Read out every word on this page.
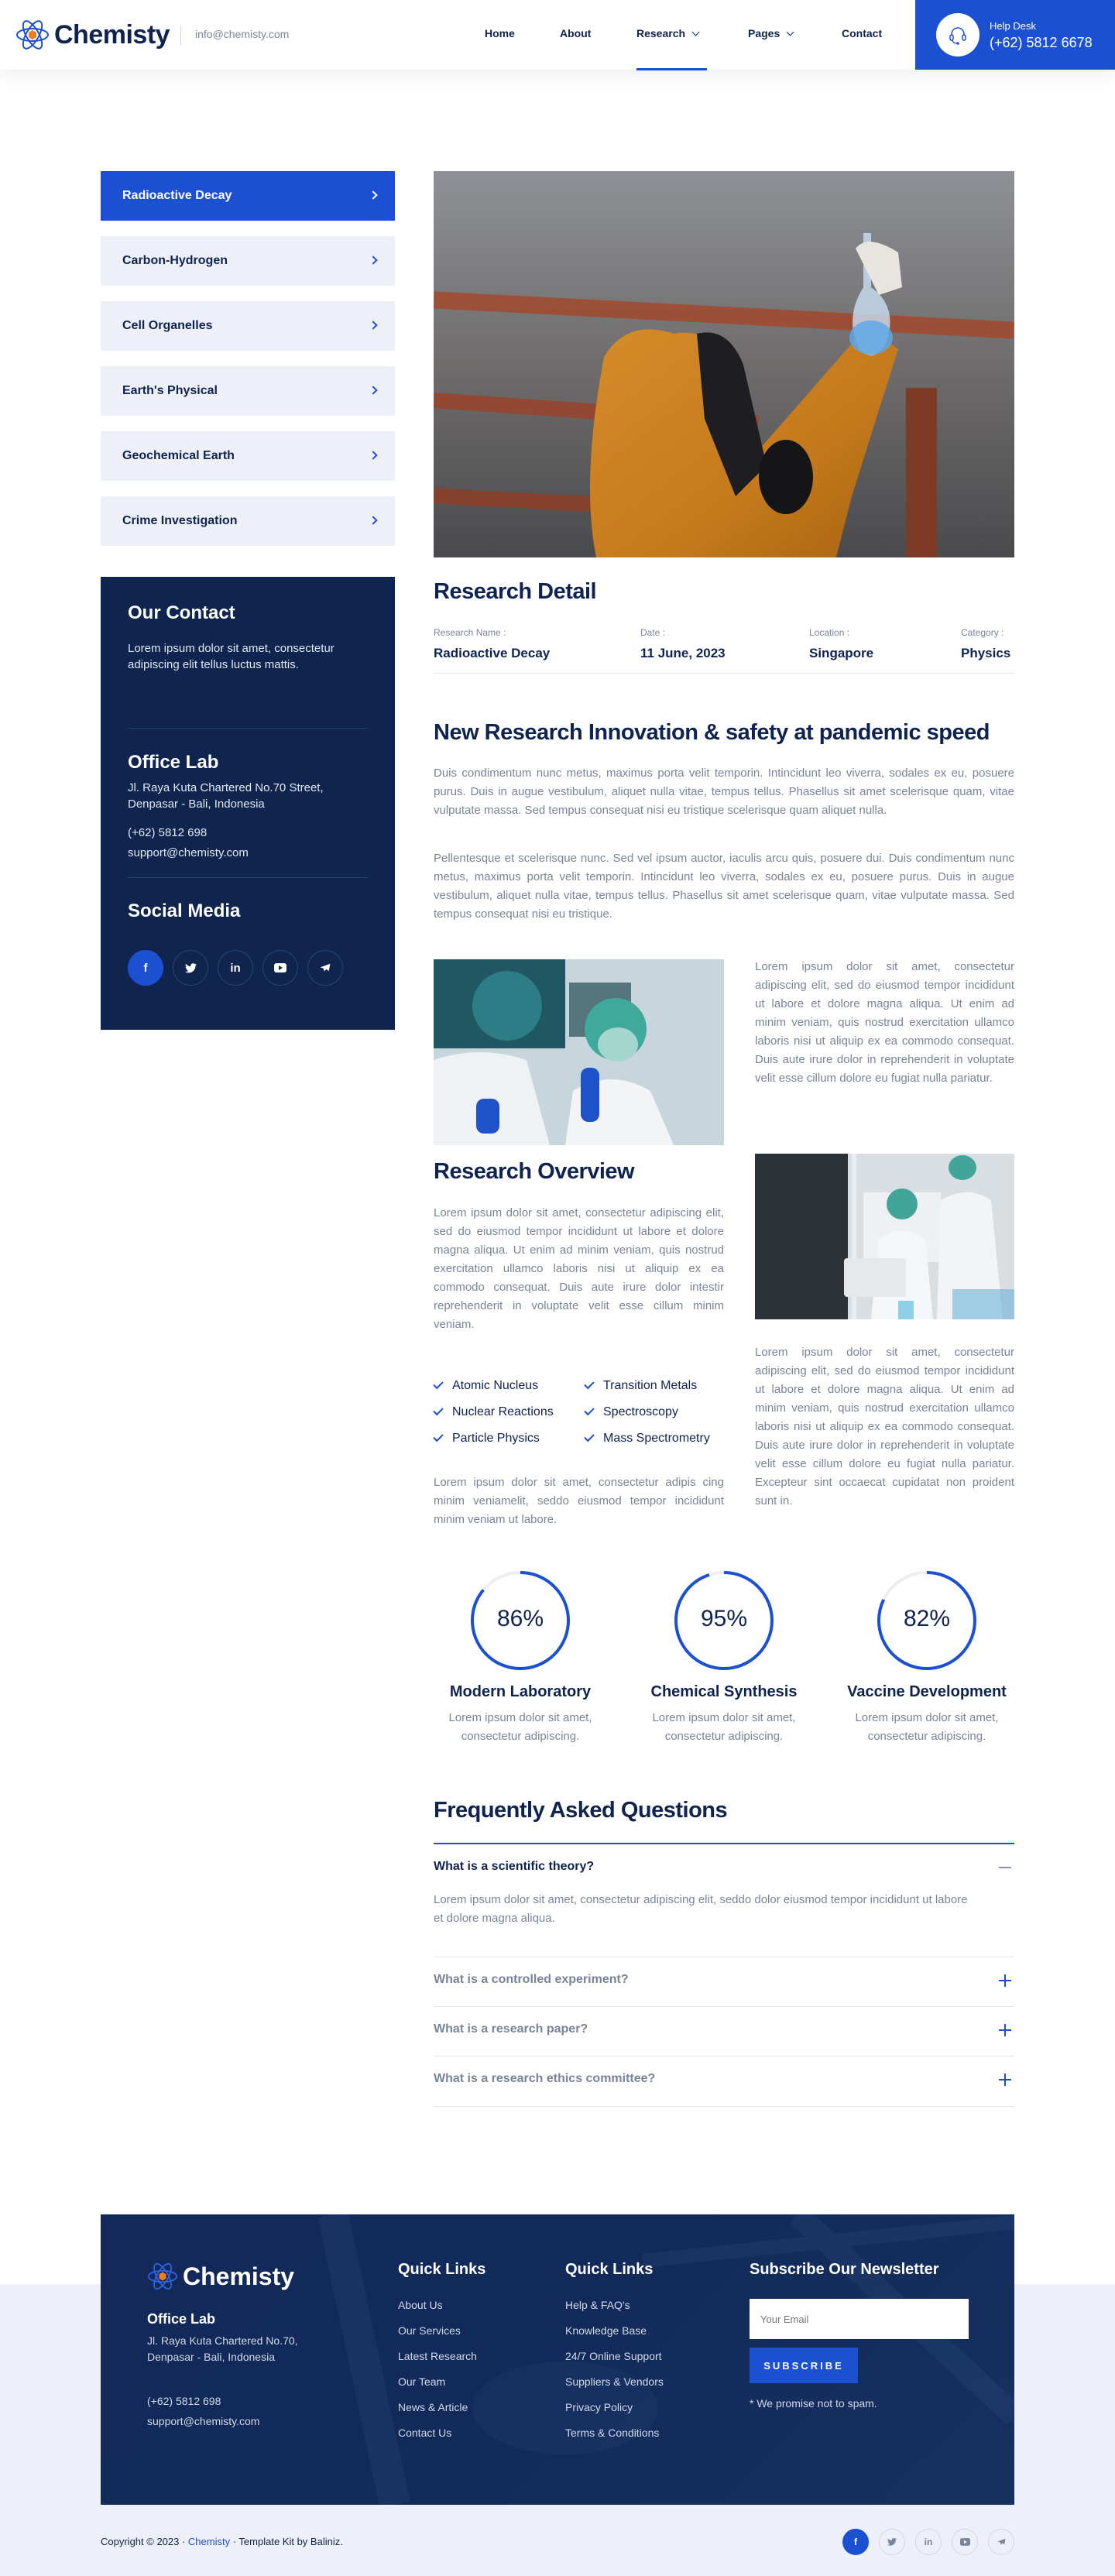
Chemisty info@chemisty.com	Home	About	Research	Pages	Contact
Help Desk
(+62) 5812 6678
Radioactive Decay
Carbon-Hydrogen
Cell Organelles
Earth's Physical
Geochemical Earth
Crime Investigation
Our Contact
Lorem ipsum dolor sit amet, consectetur adipiscing elit tellus luctus mattis.
Office Lab
Jl. Raya Kuta Chartered No.70 Street, Denpasar - Bali, Indonesia
(+62) 5812 698
support@chemisty.com
Social Media
f	in
Research Detail
Research Name :
Radioactive Decay
Date :
11 June, 2023
Location :
Singapore
Category :
Physics
New Research Innovation & safety at pandemic speed

Duis condimentum nunc metus, maximus porta velit temporin. Intincidunt leo viverra, sodales ex eu, posuere purus. Duis in augue vestibulum, aliquet nulla vitae, tempus tellus. Phasellus sit amet scelerisque quam, vitae vulputate massa. Sed tempus consequat nisi eu tristique scelerisque quam aliquet nulla.

Pellentesque et scelerisque nunc. Sed vel ipsum auctor, iaculis arcu quis, posuere dui. Duis condimentum nunc metus, maximus porta velit temporin. Intincidunt leo viverra, sodales ex eu, posuere purus. Duis in augue vestibulum, aliquet nulla vitae, tempus tellus. Phasellus sit amet scelerisque quam, vitae vulputate massa. Sed tempus consequat nisi eu tristique.

Lorem ipsum dolor sit amet, consectetur adipiscing elit, sed do eiusmod tempor incididunt ut labore et dolore magna aliqua. Ut enim ad minim veniam, quis nostrud exercitation ullamco laboris nisi ut aliquip ex ea commodo consequat. Duis aute irure dolor in reprehenderit in voluptate velit esse cillum dolore eu fugiat nulla pariatur.

Research Overview

Lorem ipsum dolor sit amet, consectetur adipiscing elit, sed do eiusmod tempor incididunt ut labore et dolore magna aliqua. Ut enim ad minim veniam, quis nostrud exercitation ullamco laboris nisi ut aliquip ex ea commodo consequat. Duis aute irure dolor intestir reprehenderit in voluptate velit esse cillum minim veniam.

Atomic Nucleus	Transition Metals
Nuclear Reactions	Spectroscopy
Particle Physics	Mass Spectrometry

Lorem ipsum dolor sit amet, consectetur adipis cing minim veniamelit, seddo eiusmod tempor incididunt minim veniam ut labore.

Lorem ipsum dolor sit amet, consectetur adipiscing elit, sed do eiusmod tempor incididunt ut labore et dolore magna aliqua. Ut enim ad minim veniam, quis nostrud exercitation ullamco laboris nisi ut aliquip ex ea commodo consequat. Duis aute irure dolor in reprehenderit in voluptate velit esse cillum dolore eu fugiat nulla pariatur. Excepteur sint occaecat cupidatat non proident sunt in.

86%
Modern Laboratory
Lorem ipsum dolor sit amet, consectetur adipiscing.
95%
Chemical Synthesis
Lorem ipsum dolor sit amet, consectetur adipiscing.
82%
Vaccine Development
Lorem ipsum dolor sit amet, consectetur adipiscing.
Frequently Asked Questions
What is a scientific theory?

Lorem ipsum dolor sit amet, consectetur adipiscing elit, seddo dolor eiusmod tempor incididunt ut labore et dolore magna aliqua.

What is a controlled experiment?
What is a research paper?
What is a research ethics committee?
Chemisty
Office Lab
Jl. Raya Kuta Chartered No.70, Denpasar - Bali, Indonesia
(+62) 5812 698
support@chemisty.com
Quick Links
About Us
Our Services
Latest Research
Our Team
News & Article
Contact Us
Quick Links
Help & FAQ's
Knowledge Base
24/7 Online Support
Suppliers & Vendors
Privacy Policy
Terms & Conditions
Subscribe Our Newsletter
Your Email
SUBSCRIBE
* We promise not to spam.
Copyright © 2023 · Chemisty · Template Kit by Baliniz.	f	in
